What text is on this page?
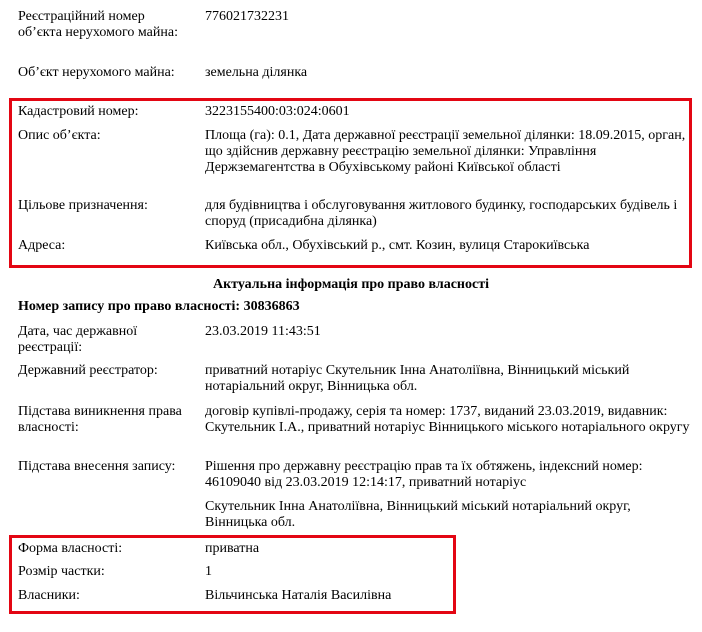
Реєстраційний номер об’єкта нерухомого майна:
776021732231
Об’єкт нерухомого майна:	земельна ділянка
Кадастровий номер:	3223155400:03:024:0601
Опис об’єкта:	Площа (га): 0.1, Дата державної реєстрації земельної ділянки: 18.09.2015, орган, що здійснив державну реєстрацію земельної ділянки: Управління Держземагентства в Обухівському районі Київської області
Цільове призначення:	для будівництва і обслуговування житлового будинку, господарських будівель і споруд (присадибна ділянка)
Адреса:	Київська обл., Обухівський р., смт. Козин, вулиця Старокиївська
Актуальна інформація про право власності
Номер запису про право власності: 30836863
Дата, час державної реєстрації:
23.03.2019 11:43:51
Державний реєстратор:	приватний нотаріус Скутельник Інна Анатоліївна, Вінницький міський нотаріальний округ, Вінницька обл.
Підстава виникнення права власності:
договір купівлі-продажу, серія та номер: 1737, виданий 23.03.2019, видавник: Скутельник І.А., приватний нотаріус Вінницького міського нотаріального округу
Підстава внесення запису:	Рішення про державну реєстрацію прав та їх обтяжень, індексний номер: 46109040 від 23.03.2019 12:14:17, приватний нотаріус
Скутельник Інна Анатоліївна, Вінницький міський нотаріальний округ, Вінницька обл.
Форма власності:	приватна
Розмір частки:	1
Власники:	Вільчинська Наталія Василівна
